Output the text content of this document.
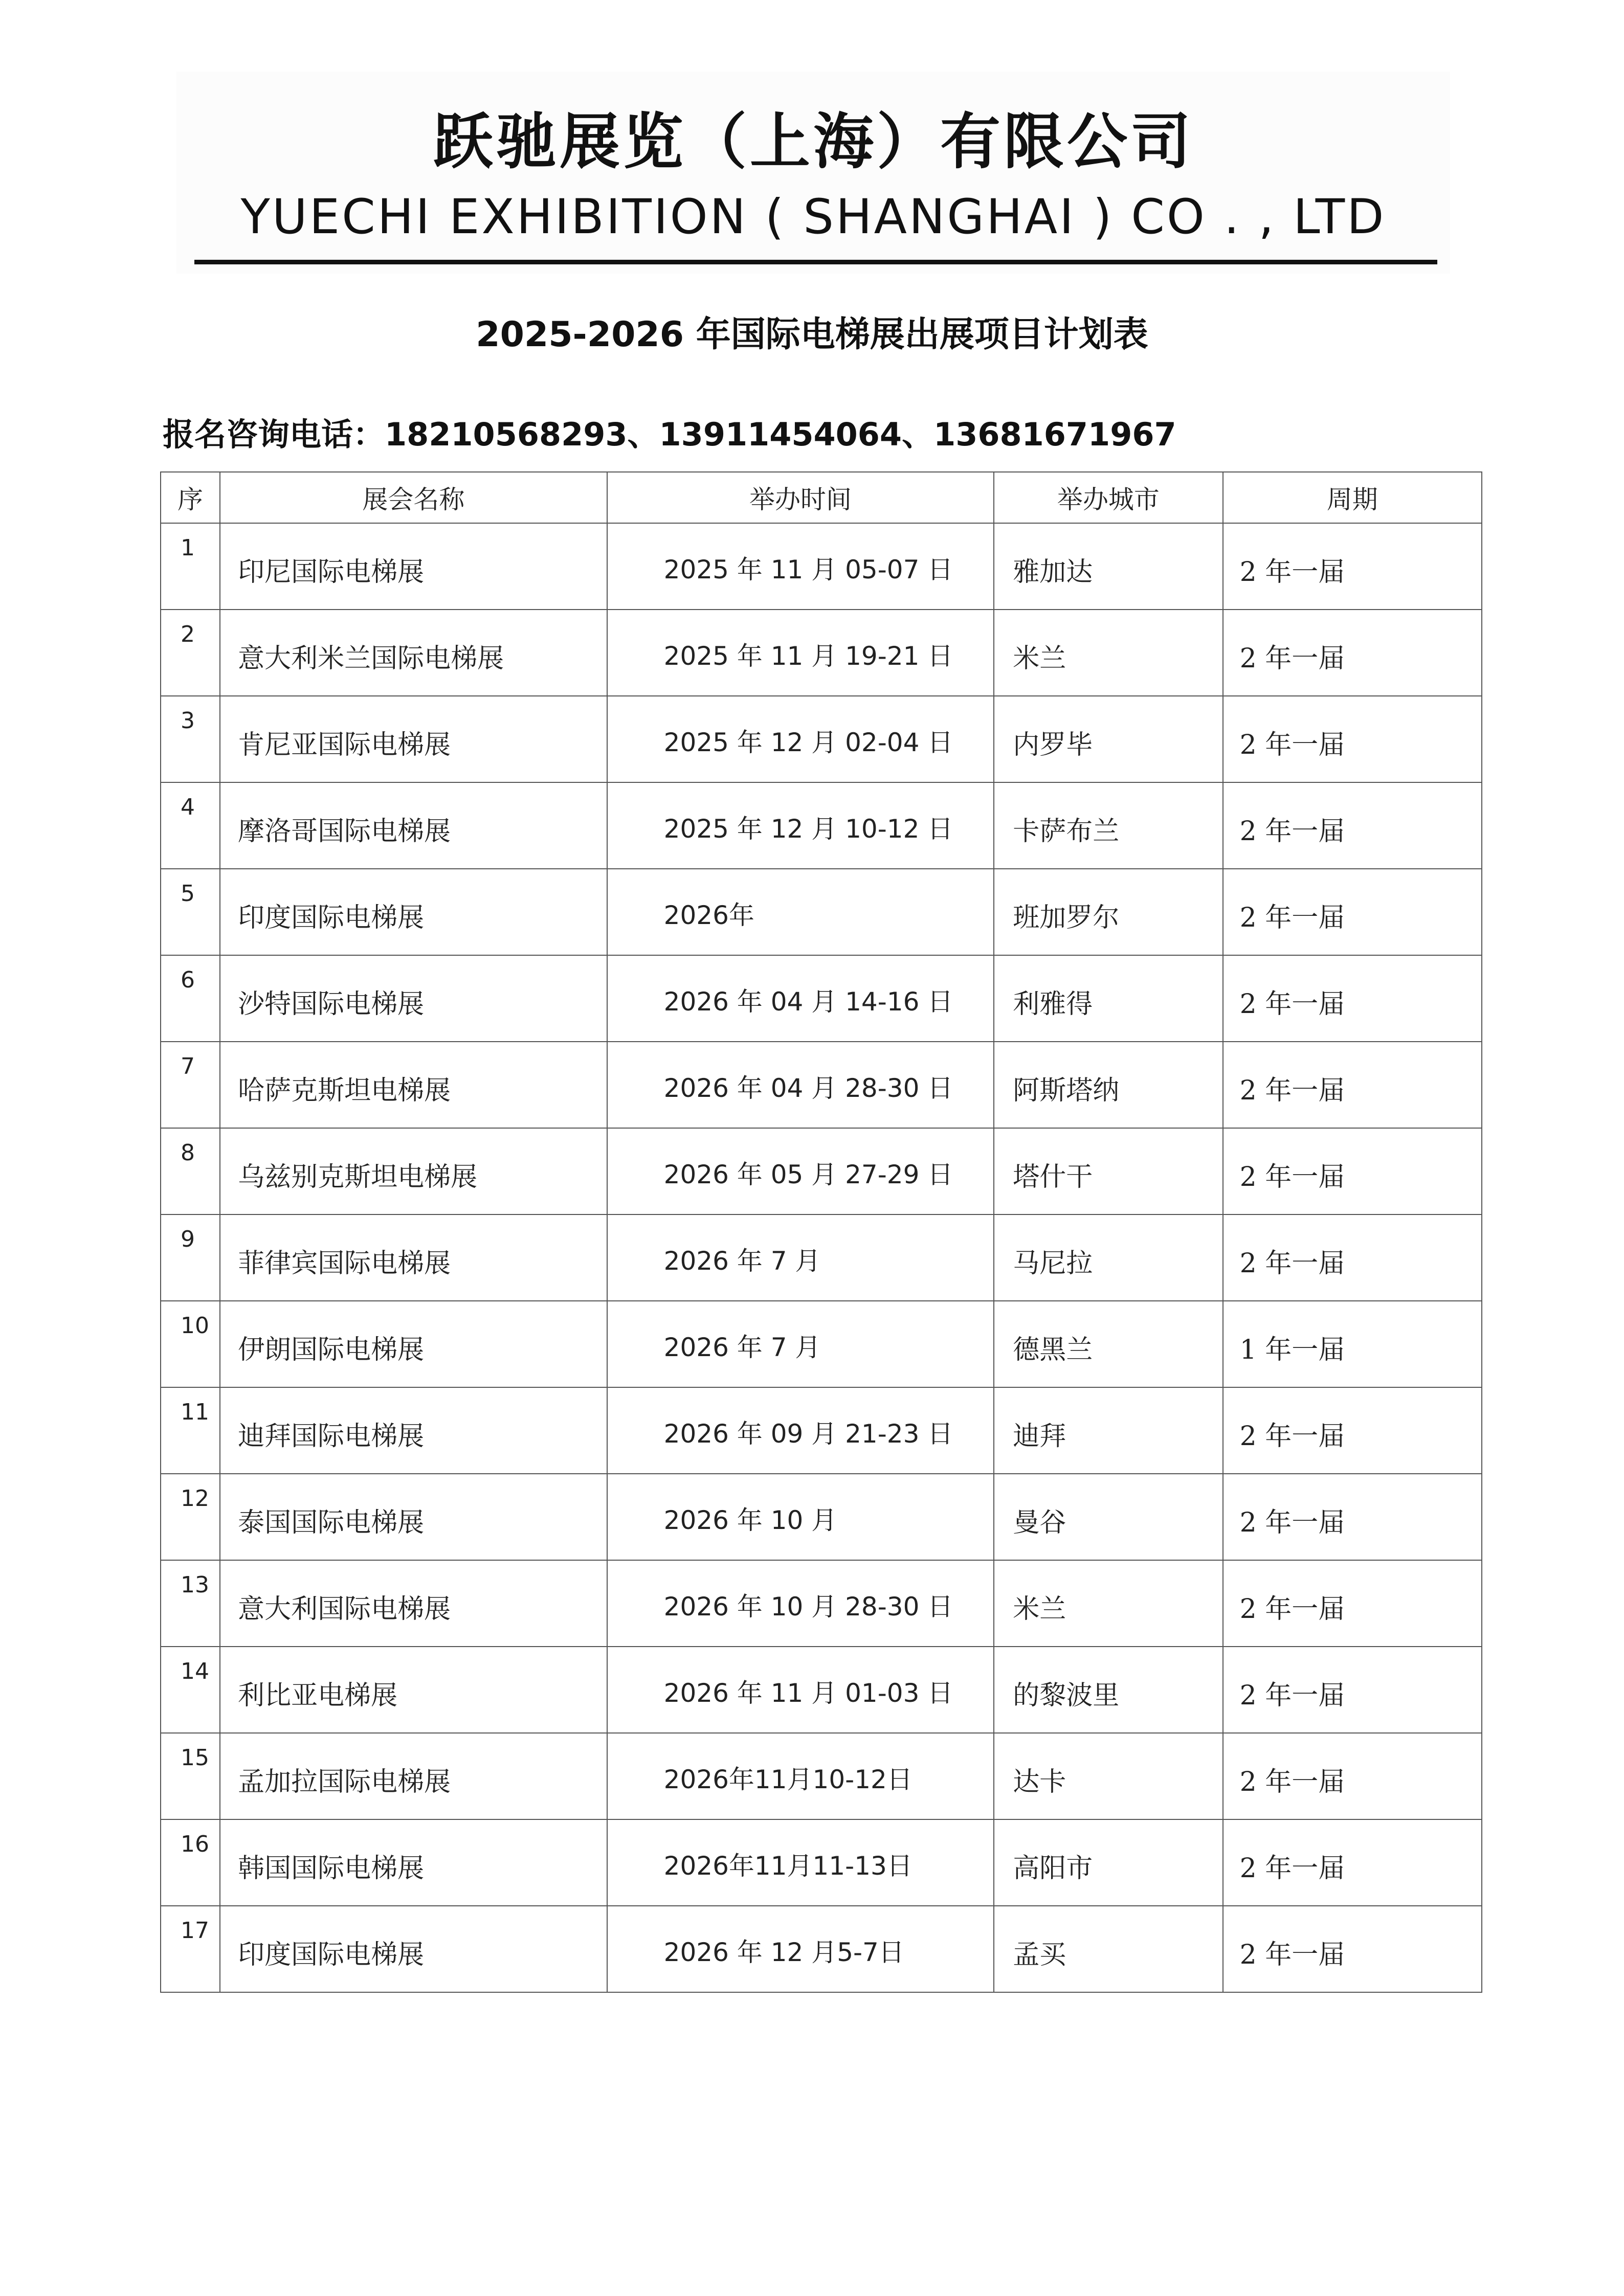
跃驰展览（上海）有限公司
YUECHI EXHIBITION ( SHANGHAI ) CO . , LTD
2025-2026 年国际电梯展出展项目计划表
报名咨询电话：18210568293、13911454064、13681671967
序	展会名称	举办时间	举办城市	周期

1	印尼国际电梯展	2025 年 11 月 05-07 日	雅加达	2 年一届

2	意大利米兰国际电梯展	2025 年 11 月 19-21 日	米兰	2 年一届

3	肯尼亚国际电梯展	2025 年 12 月 02-04 日	内罗毕	2 年一届

4	摩洛哥国际电梯展	2025 年 12 月 10-12 日	卡萨布兰	2 年一届

5	印度国际电梯展	2026年	班加罗尔	2 年一届

6	沙特国际电梯展	2026 年 04 月 14-16 日	利雅得	2 年一届

7	哈萨克斯坦电梯展	2026 年 04 月 28-30 日	阿斯塔纳	2 年一届

8	乌兹别克斯坦电梯展	2026 年 05 月 27-29 日	塔什干	2 年一届

9	菲律宾国际电梯展	2026 年 7 月	马尼拉	2 年一届

10	伊朗国际电梯展	2026 年 7 月	德黑兰	1 年一届

11	迪拜国际电梯展	2026 年 09 月 21-23 日	迪拜	2 年一届

12	泰国国际电梯展	2026 年 10 月	曼谷	2 年一届

13	意大利国际电梯展	2026 年 10 月 28-30 日	米兰	2 年一届

14	利比亚电梯展	2026 年 11 月 01-03 日	的黎波里	2 年一届

15	孟加拉国际电梯展	2026年11月10-12日	达卡	2 年一届

16	韩国国际电梯展	2026年11月11-13日	高阳市	2 年一届

17	印度国际电梯展	2026 年 12 月5-7日	孟买	2 年一届
